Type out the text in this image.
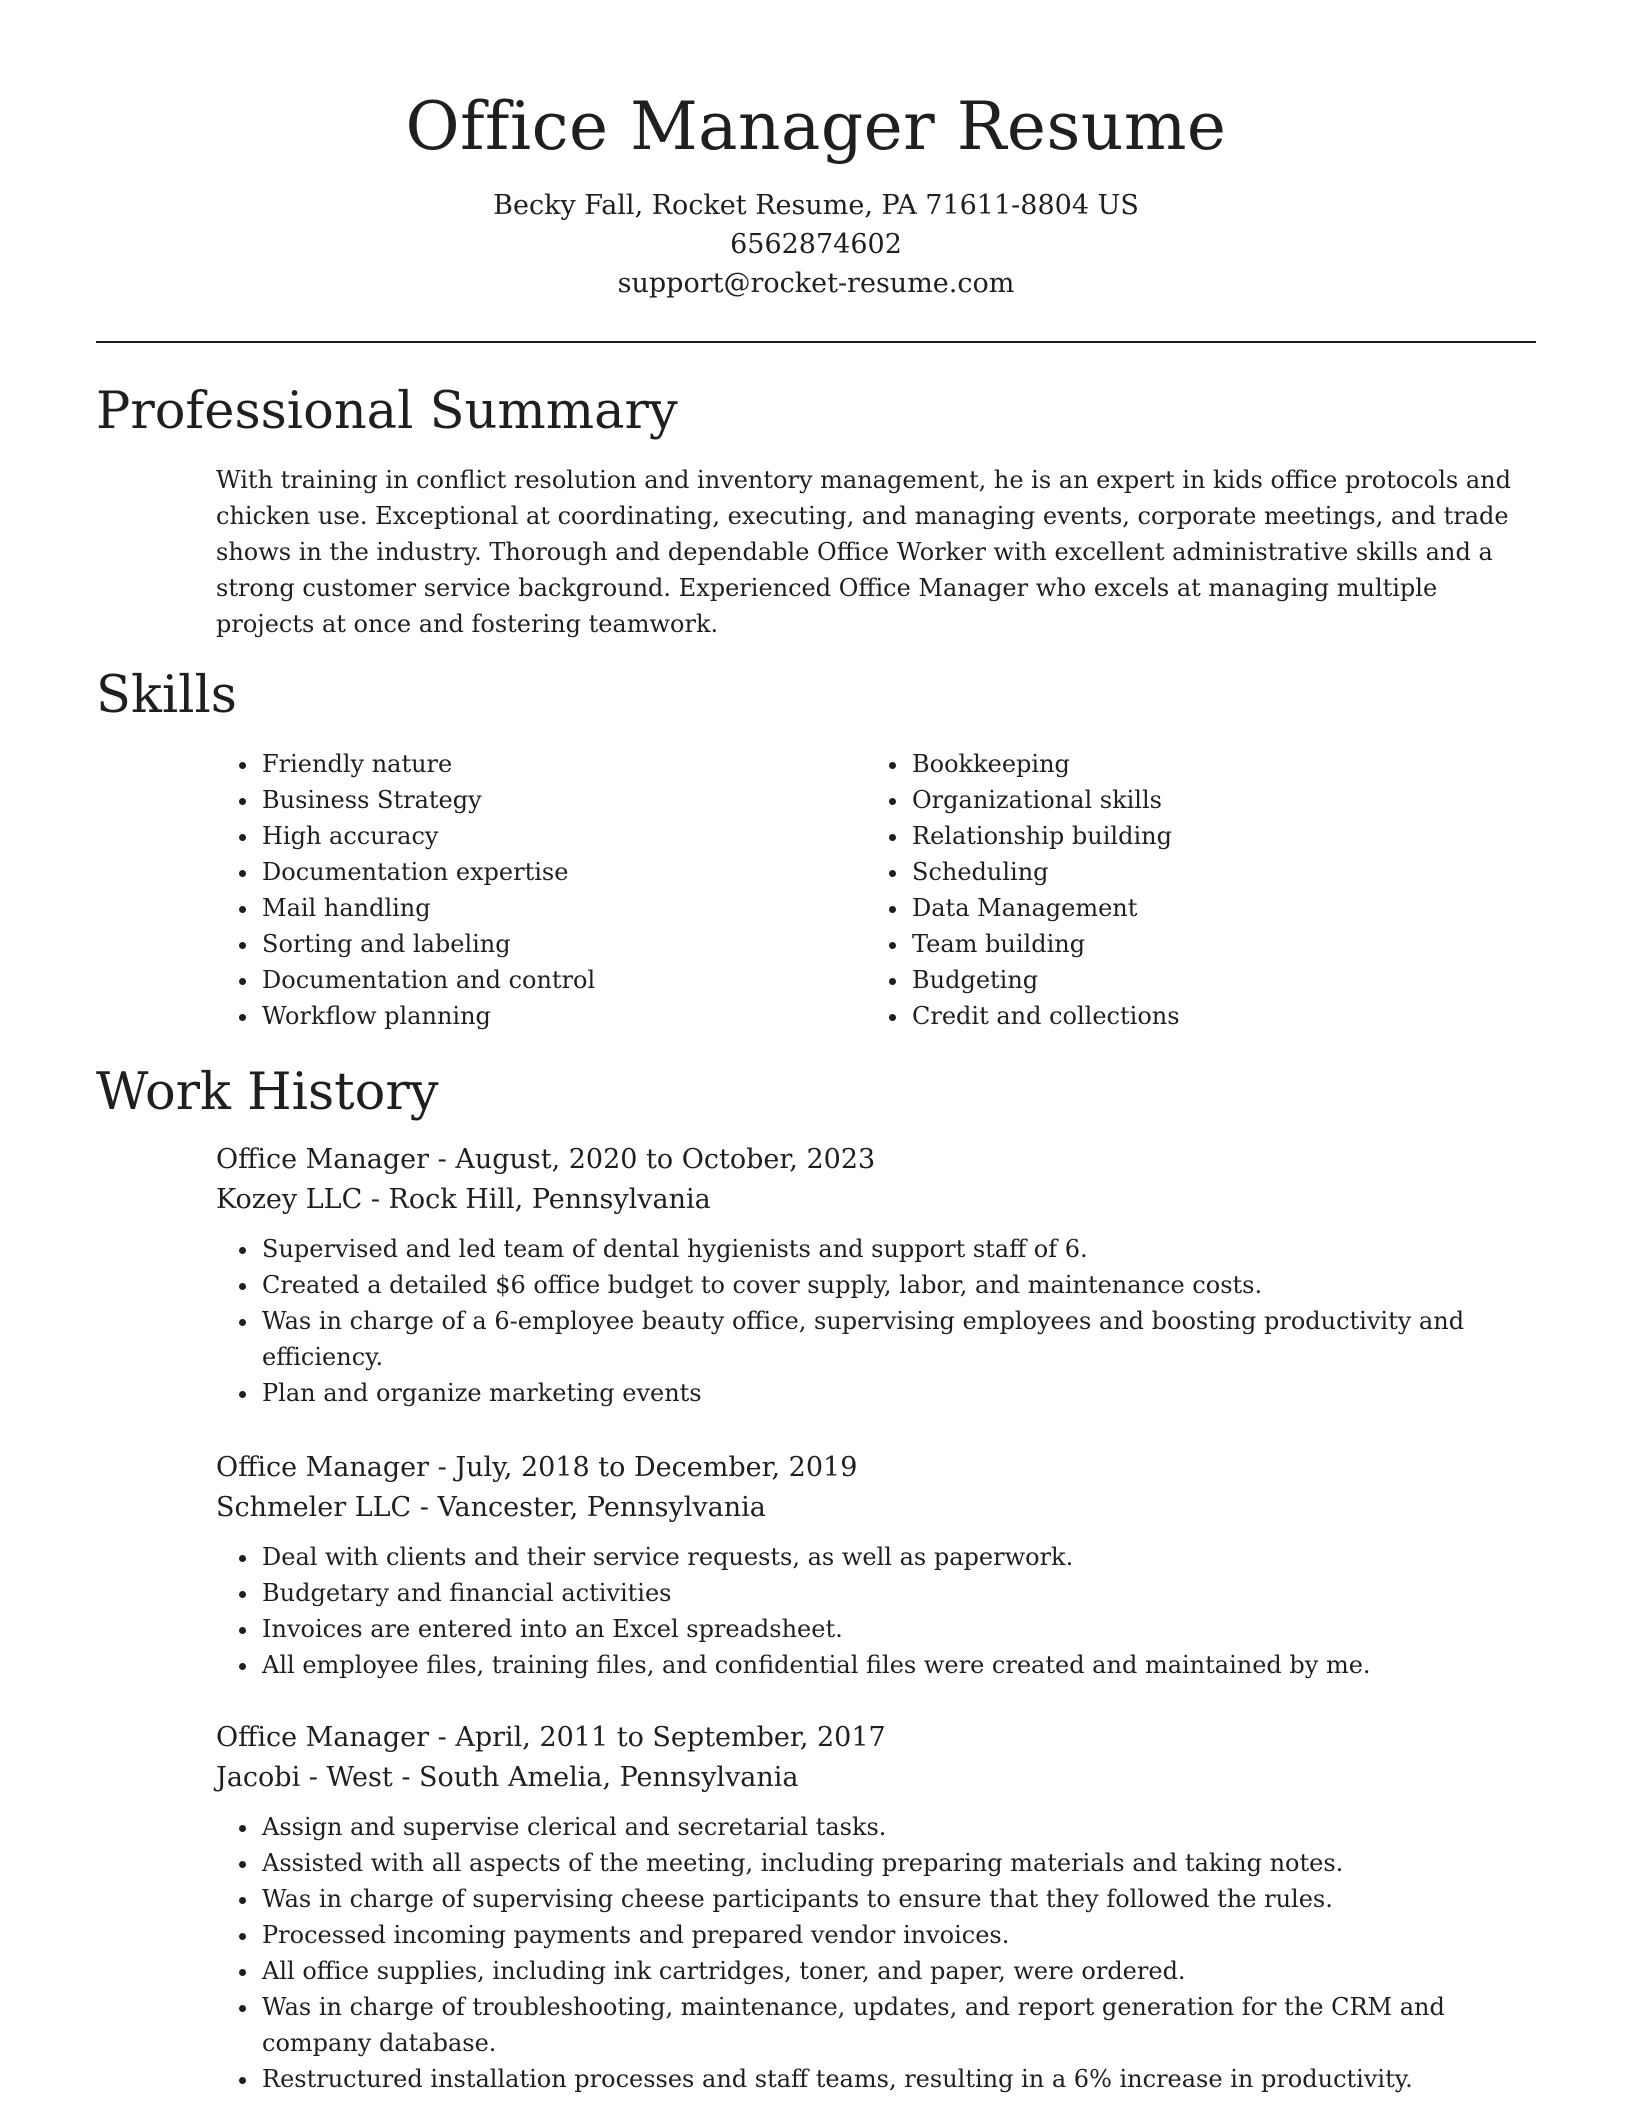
Office Manager Resume
Becky Fall, Rocket Resume, PA 71611-8804 US
6562874602
support@rocket-resume.com
Professional Summary

With training in conflict resolution and inventory management, he is an expert in kids office protocols and chicken use. Exceptional at coordinating, executing, and managing events, corporate meetings, and trade shows in the industry. Thorough and dependable Office Worker with excellent administrative skills and a strong customer service background. Experienced Office Manager who excels at managing multiple projects at once and fostering teamwork.

Skills
• Friendly nature
• Business Strategy
• High accuracy
• Documentation expertise
• Mail handling
• Sorting and labeling
• Documentation and control
• Workflow planning
• Bookkeeping
• Organizational skills
• Relationship building
• Scheduling
• Data Management
• Team building
• Budgeting
• Credit and collections
Work History
Office Manager - August, 2020 to October, 2023
Kozey LLC - Rock Hill, Pennsylvania
• Supervised and led team of dental hygienists and support staff of 6.
• Created a detailed $6 office budget to cover supply, labor, and maintenance costs.
• Was in charge of a 6-employee beauty office, supervising employees and boosting productivity and efficiency.
• Plan and organize marketing events
Office Manager - July, 2018 to December, 2019
Schmeler LLC - Vancester, Pennsylvania
• Deal with clients and their service requests, as well as paperwork.
• Budgetary and financial activities
• Invoices are entered into an Excel spreadsheet.
• All employee files, training files, and confidential files were created and maintained by me.
Office Manager - April, 2011 to September, 2017
Jacobi - West - South Amelia, Pennsylvania
• Assign and supervise clerical and secretarial tasks.
• Assisted with all aspects of the meeting, including preparing materials and taking notes.
• Was in charge of supervising cheese participants to ensure that they followed the rules.
• Processed incoming payments and prepared vendor invoices.
• All office supplies, including ink cartridges, toner, and paper, were ordered.
• Was in charge of troubleshooting, maintenance, updates, and report generation for the CRM and company database.
• Restructured installation processes and staff teams, resulting in a 6% increase in productivity.
